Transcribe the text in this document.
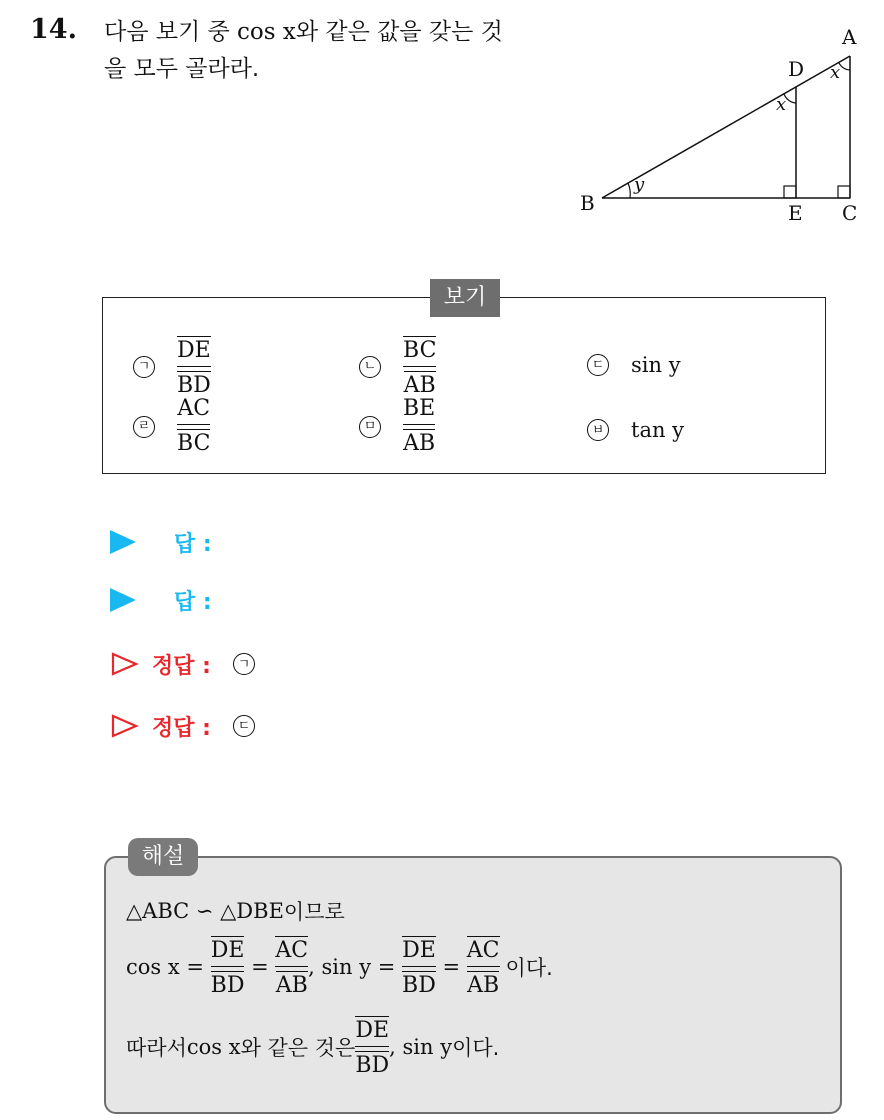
14. 다음 보기 중 cos x와 같은 값을 갖는 것
을 모두 골라라.
A
B	C
D
E
x
x
y
ㄱ $\frac{DE}{BD}$	ㄴ $\frac{BC}{AB}$	ㄷ sin y
ㄹ $\frac{AC}{BC}$	ㅁ $\frac{BE}{AB}$	ㅂ tan y
보기
답 :
답 :
정답 :	ㄱ
정답 :	ㄷ
해설
△ABC ∽ △DBE 이므로
$\cos x = \frac{DE}{BD} = \frac{AC}{AB}$ , $\sin y = \frac{DE}{BD} = \frac{AC}{AB}$ 이다.
따라서 cos x 와 같은 것은 $\frac{DE}{BD}$ , sin y 이다.
